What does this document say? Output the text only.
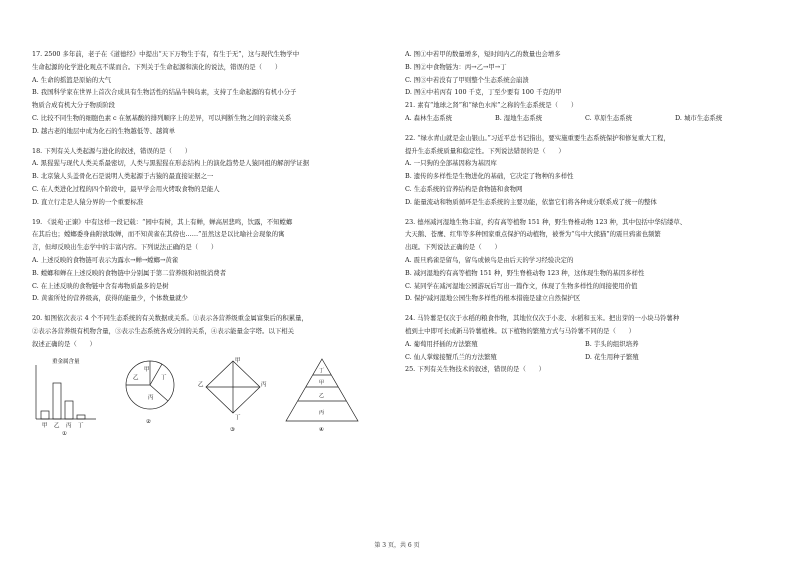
17. 2500 多年前，老子在《道德经》中提出“天下万物生于有，有生于无”，这与现代生物学中
生命起源的化学进化观点不谋而合。下列关于生命起源和演化的说法，错误的是（　　）
A. 生命的摇篮是原始的大气
B. 我国科学家在世界上首次合成具有生物活性的结晶牛胰岛素，支持了生命起源的有机小分子
物质合成有机大分子物质阶段
C. 比较不同生物的细胞色素 c 在氨基酸的排列顺序上的差异，可以判断生物之间的亲缘关系
D. 越古老的地层中成为化石的生物越低等、越简单
18. 下列有关人类起源与进化的叙述，错误的是（　　）
A. 黑猩猩与现代人类关系最密切，人类与黑猩猩在形态结构上的演化趋势是人猿同祖的解剖学证据
B. 北京猿人头盖骨化石是说明人类起源于古猿的最直接证据之一
C. 在人类进化过程的四个阶段中，最早学会用火烤取食物的是能人
D. 直立行走是人猿分界的一个重要标准
19. 《说苑·正谏》中有这样一段记载：“园中有树，其上有蝉，蝉高居悲鸣，饮露，不知螳螂
在其后也；螳螂委身曲附欲取蝉，而不知黄雀在其傍也……”虽然这是以比喻社会现象的寓
言，但却反映出生态学中的丰富内容。下列说法正确的是（　　）
A. 上述反映的食物链可表示为露水→蝉→螳螂→黄雀
B. 螳螂和蝉在上述反映的食物链中分别属于第二营养级和初级消费者
C. 在上述反映的食物链中含有毒物质最多的是树
D. 黄雀所处的营养级高，获得的能量少，个体数量就少
20. 如图依次表示 4 个不同生态系统的有关数据或关系。①表示各营养级重金属富集后的积累量，
②表示各营养级有机物含量，③表示生态系统各成分间的关系，④表示能量金字塔。以下相关
叙述正确的是（　　）
重金属含量
甲 乙 丙 丁
①
甲
乙
丙
丁
②
甲
乙	丙
丁
③
丁
甲
乙
丙
④
A. 图①中若甲的数量增多，短时间内乙的数量也会增多
B. 图②中食物链为：丙→乙→甲→丁
C. 图③中若没有了甲则整个生态系统会崩溃
D. 图④中若丙有 100 千克，丁至少要有 100 千克的甲
21. 素有“地球之肾”和“绿色水库”之称的生态系统是（　　）
A. 森林生态系统	B. 湿地生态系统	C. 草原生态系统	D. 城市生态系统
22. “绿水青山就是金山银山。”习近平总书记指出，要实施重要生态系统保护和修复重大工程，
提升生态系统质量和稳定性。下列说法错误的是（　　）
A. 一只狗的全部基因称为基因库
B. 遗传的多样性是生物进化的基础，它决定了物种的多样性
C. 生态系统的营养结构是食物链和食物网
D. 能量流动和物质循环是生态系统的主要功能，依靠它们将各种成分联系成了统一的整体
23. 德州减河湿地生物丰富，约有高等植物 151 种，野生脊椎动物 123 种，其中包括中华结缕草、
大天鹅、苍鹰、红隼等多种国家重点保护的动植物，被誉为“鸟中大熊猫”的震旦鸦雀也频繁
出现。下列说法正确的是（　　）
A. 震旦鸦雀是留鸟，留鸟或候鸟是由后天的学习经验决定的
B. 减河湿地约有高等植物 151 种，野生脊椎动物 123 种，这体现生物的基因多样性
C. 某同学在减河湿地公园游玩后写出一篇作文，体现了生物多样性的间接使用价值
D. 保护减河湿地公园生物多样性的根本措施是建立自然保护区
24. 马铃薯是仅次于水稻的粮食作物，其地位仅次于小麦、水稻和玉米。把出芽的一小块马铃薯种
植到土中即可长成新马铃薯植株。以下植物的繁殖方式与马铃薯不同的是（　　）
A. 葡萄用扦插的方法繁殖	B. 芋头的组织培养
C. 仙人掌嫁接蟹爪兰的方法繁殖	D. 花生用种子繁殖
25. 下列有关生物技术的叙述，错误的是（　　）
第 3 页，共 6 页
